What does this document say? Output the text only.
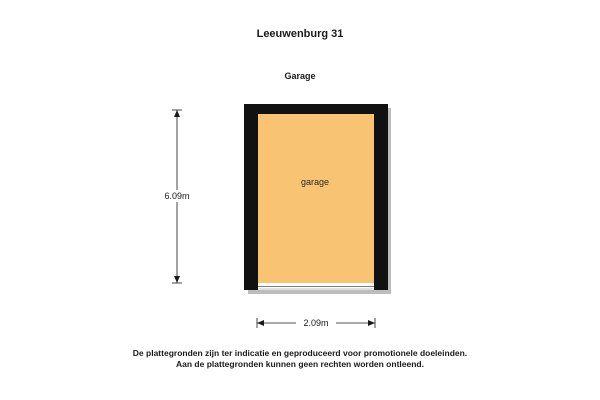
Leeuwenburg 31
Garage
garage
6.09m
2.09m
De plattegronden zijn ter indicatie en geproduceerd voor promotionele doeleinden.
Aan de plattegronden kunnen geen rechten worden ontleend.
